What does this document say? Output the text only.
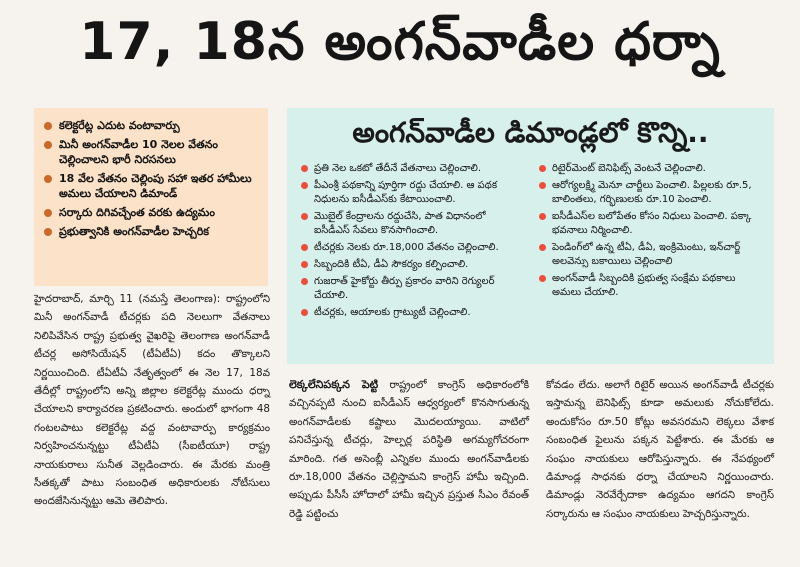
17, 18న అంగన్‌వాడీల ధర్నా
కలెక్టరేట్ల ఎదుట వంటావార్పు
మినీ అంగన్‌వాడీల 10 నెలల వేతనం చెల్లించాలని భారీ నిరసనలు
18 వేల వేతనం చెల్లింపు సహా ఇతర హామీలు అమలు చేయాలని డిమాండ్
సర్కారు దిగివచ్చేంత వరకు ఉద్యమం
ప్రభుత్వానికి అంగన్‌వాడీల హెచ్చరిక
అంగన్‌వాడీల డిమాండ్లలో కొన్ని..
ప్రతి నెల ఒకటో తేదీనే వేతనాలు చెల్లించాలి.
పీఎంశ్రీ పథకాన్ని పూర్తిగా రద్దు చేయాలి. ఆ పథక నిధులను ఐసీడీఎస్‌కు కేటాయించాలి.
మొబైల్ కేంద్రాలను రద్దుచేసి, పాత విధానంలో ఐసీడీఎస్ సేవలు కొనసాగించాలి.
టీచర్లకు నెలకు రూ.18,000 వేతనం చెల్లించాలి.
సిబ్బందికి టీఏ, డీఏ సౌకర్యం కల్పించాలి.
గుజరాత్ హైకోర్టు తీర్పు ప్రకారం వారిని రెగ్యులర్ చేయాలి.
టీచర్లకు, ఆయాలకు గ్రాట్యుటీ చెల్లించాలి.
రిటైర్‌మెంట్ బెనిఫిట్స్ వెంటనే చెల్లించాలి.
ఆరోగ్యలక్ష్మి మెనూ చార్జీలు పెంచాలి. పిల్లలకు రూ.5, బాలింతలు, గర్భిణులకు రూ.10 పెంచాలి.
ఐసీడీఎస్‌ల బలోపేతం కోసం నిధులు పెంచాలి. పక్కా భవనాలు నిర్మించాలి.
పెండింగ్‌లో ఉన్న టీఏ, డీఏ, ఇంక్రిమెంటు, ఇన్‌చార్జ్ అలవెన్సు బకాయిలు చెల్లించాలి
అంగన్‌వాడీ సిబ్బందికి ప్రభుత్వ సంక్షేమ పథకాలు అమలు చేయాలి.
హైదరాబాద్, మార్చి 11 (నమస్తే తెలంగాణ): రాష్ట్రంలోని మినీ అంగన్‌వాడీ టీచర్లకు పది నెలలుగా వేతనాలు నిలిపివేసిన రాష్ట్ర ప్రభుత్వ వైఖరిపై తెలంగాణ అంగన్‌వాడీ టీచర్ల అసోసియేషన్ (టీఏటీఏ) కదం తొక్కాలని నిర్ణయించింది. టీఏటీఏ నేతృత్వంలో ఈ నెల 17, 18వ తేదీల్లో రాష్ట్రంలోని అన్ని జిల్లాల కలెక్టరేట్ల ముందు ధర్నా చేయాలని కార్యాచరణ ప్రకటించారు. అందులో భాగంగా 48 గంటలపాటు కలెక్టరేట్ల వద్ద వంటావార్పు కార్యక్రమం నిర్వహించనున్నట్టు టీఏటీఏ (సీఐటీయూ) రాష్ట్ర నాయకురాలు సునీత వెల్లడించారు. ఈ మేరకు మంత్రి సీతక్కతో పాటు సంబంధిత అధికారులకు నోటీసులు అందజేసినున్నట్టు ఆమె తెలిపారు.
లెక్కలేనిపక్కన పెట్టి రాష్ట్రంలో కాంగ్రెస్ అధికారంలోకి వచ్చినప్పటి నుంచి ఐసీడీఎస్ ఆధ్వర్యంలో కొనసాగుతున్న అంగన్‌వాడీలకు కష్టాలు మొదలయ్యాయి. వాటిలో పనిచేస్తున్న టీచర్లు, హెల్పర్ల పరిస్థితి అగమ్యగోచరంగా మారింది. గత అసెంబ్లీ ఎన్నికల ముందు అంగన్‌వాడీలకు రూ.18,000 వేతనం చెల్లిస్తామని కాంగ్రెస్ హామీ ఇచ్చింది. అప్పుడు పీసీసీ హోదాలో హామీ ఇచ్చిన ప్రస్తుత సీఎం రేవంత్ రెడ్డి పట్టించు
కోవడం లేదు. అలాగే రిటైర్ అయిన అంగన్‌వాడీ టీచర్లకు ఇస్తామన్న బెనిఫిట్స్ కూడా అమలుకు నోచుకోలేదు. అందుకోసం రూ.50 కోట్లు అవసరమని లెక్కలు వేశాక సంబంధిత ఫైలును పక్కన పెట్టేశారు. ఈ మేరకు ఆ సంఘం నాయకులు ఆరోపిస్తున్నారు. ఈ నేపథ్యంలో డిమాండ్ల సాధనకు ధర్నా చేయాలని నిర్ణయించారు. డిమాండ్లు నెరవేర్చేదాకా ఉద్యమం ఆగదని కాంగ్రెస్ సర్కారును ఆ సంఘం నాయకులు హెచ్చరిస్తున్నారు.
